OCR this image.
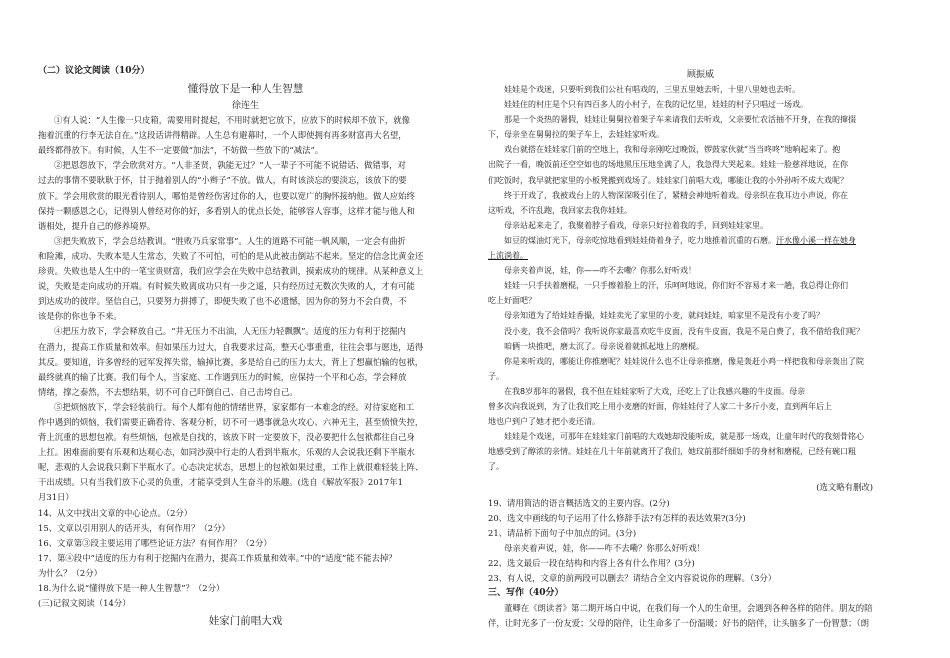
（二）议论文阅读（10分）
懂得放下是一种人生智慧
徐连生
①有人说：“人生像一只皮箱，需要用时提起，不用时就把它放下，应放下的时候却不放下，就像
拖着沉重的行李无法自在。”这段话讲得精辟。人生总有避幕时，一个人即使拥有再多财富再大名望，
最终都得放下。有时候，人生不一定要做“加法”，不妨做一些放下的“减法”。
②把恩怨放下，学会欣赏对方。“人非圣贤，孰能无过？”人一辈子不可能不说错话、做错事，对
过去的事情不要耿耿于怀，甘于抛着别人的“小辫子”不放。做人，有时该淡忘的要淡忘，该放下的要
放下。学会用欣赏的眼光看待别人，哪怕是曾经伤害过你的人，也要以宽广的胸怀接纳他。做人应始终
保持一颗感恩之心，记得别人曾经对你的好，多看别人的优点长处，能够容人容事，这样才能与他人和
谐相处，提升自己的修养境界。
③把失败放下，学会总结教训。“胜败乃兵家常事”。人生的道路不可能一帆风顺，一定会有曲折
和险滩，成功、失败本是人生常态，失败了不可怕，可怕的是从此被击倒站不起来。坚定的信念比黄金还
珍贵。失败也是人生中的一笔宝贵财富，我们应学会在失败中总结教训，摸索成功的规律。从某种意义上
说，失败是走向成功的开端。有时候失败离成功只有一步之遥，只有经历过无数次失败的人，才有可能
到达成功的彼岸。坚信自己，只要努力拼搏了，即便失败了也不必遗憾，因为你的努力不会白费，不
该是你的你也争不来。
④把压力放下，学会释放自己。“井无压力不出油，人无压力轻飘飘”。适度的压力有利于挖掘内
在潜力，提高工作质量和效率。但如果压力过大，自我要求过高，整天心事重重，往往会事与愿违，适得
其反。要知道，许多曾经的冠军发挥失常，输掉比赛，多是给自己的压力太大，背上了想赢怕输的包袱，
最终就真的输了比赛。我们每个人，当家庭、工作遇到压力的时候，应保持一个平和心态，学会释放
情绪，撑之泰然，不去想结果，切不可自己吓倒自己、自己击垮自己。
⑤把烦恼放下，学会轻装前行。每个人都有他的情绪世界，家家都有一本难念的经。对待家庭和工
作中遇到的烦恼，我们需要正确看待、客观分析，切不可一遇事就急火攻心、六神无主，甚至愤愤失控，
背上沉重的思想包袱。有些烦恼，包袱是自找的，该放下时一定要放下，没必要把什么包袱都往自己身
上扛。困难面前要有乐观和达观心态，如同沙漠中行走的人看到半瓶水，乐观的人会说我还剩下半瓶水
呢，悲观的人会说我只剩下半瓶水了。心态决定状态，思想上的包袱如果过重，工作上就很难轻装上阵、
干出成绩。只有当我们放下心灵的负重，才能享受到人生奋斗的乐趣。(选自《解放军报》2017年1
月31日）
14、从文中找出文章的中心论点。（2分）
15、文章以引用别人的话开头，有何作用？（2分）
16、文章第③段主要运用了哪些论证方法？有何作用？（2分）
17、第④段中“适度的压力有利于挖掘内在潜力，提高工作质量和效率。”中的“适度”能不能去掉？
为什么？（2分）
18.为什么说“懂得放下是一种人生智慧”？（2分）
(三)记叙文阅读（14分）
娃家门前唱大戏
顾振威
娃娃是个戏迷，只要听到我们公社有唱戏的，三里五里她去听，十里八里她也去听。
娃娃住的村庄是个只有四百多人的小村子，在我的记忆里，娃娃的村子只唱过一场戏。
那是一个炎热的暑假，娃娃让舅舅拉着架子车来请我们去听戏，父亲要忙农活抽不开身，在我的撺掇
下，母亲坐在舅舅拉的架子车上，去娃娃家听戏。
戏台就搭在娃娃家门前的空地上，我和母亲刚吃过晚饭，锣鼓家伙就“当当咚咚”地响起来了。抱
出院子一看，晚饭前还空空如也的场地黑压压地坐满了人，我急得大哭起来。娃娃一脸慈祥地说，在你
们吃饭时，我早就把家里的小板凳搬到戏场了。娃娃家门前唱大戏，哪能让我的小外孙听不成大戏呢？
终于开戏了，我被戏台上的人物深深吸引住了，紧精会神地听着戏。母亲织在我耳边小声说，你在
这听戏，不许乱跑，我回家去我你娃娃。
母亲站起来走了，我聚着脖子看戏，母亲只好拉着我的手，回到娃娃家里。
如豆的煤油灯光下，母亲吃惊地看到娃娃倚着身子，吃力地推着沉重的石磨。汗水像小溪一样在她身
上流淌着。
母亲夹着声说，娃，你——咋不去嘞？你那么好听戏！
娃娃一只手扶着磨棍，一只手擦着脸上的汗，乐呵呵地说，你们好不容易才来一趟，我总得让你们
吃上好面吧？
母亲知道为了给娃娃香撮，娃娃卖光了家里的小麦，就问娃娃，咱家里不是没有小麦了吗？
没小麦，我不会借吗？我听说你家最喜欢吃牛皮面，没有牛皮面，我是不是白费了，我不借给我们呢？
咱俩一块推吧，磨太沉了。母亲说着就抓起地上的磨棍。
你是来听戏的，哪能让你推磨呢？娃娃说什么也不让母亲推磨，像是轰赶小鸡一样把我和母亲轰出了院
子。
在我8岁那年的暑假，我不但在娃娃家听了大戏，还吃上了让我感兴趣的牛皮面。母亲
曾多次向我说到，为了让我们吃上用小麦磨的好面，你娃娃付了人家二十多斤小麦，直到两年后上
地也户到户了她才把小麦还清。
娃娃是个戏迷，可那年在娃娃家门前唱的大戏她却没能听成，就是那一场戏，让童年时代的我刻骨铭心
地感受到了醇浓的亲情。娃娃在几十年前就离开了我们，她玟前那纤细如手的身材和磨棍，已经有碗口粗
了。
(选文略有删改)
19、请用简洁的语言概括选文的主要内容。(2分)
20、选文中画线的句子运用了什么修辞手法?有怎样的表达效果?(3分)
21、请品析下面句子中加点的词。(3分)
母亲夹着声说，娃，你——咋不去嘞？你那么好听戏！
22、选文最后一段在结构和内容上各有什么作用？(3分)
23、有人说，文章的前两段可以删去？请结合全文内容说说你的理解。（3分）
三、写作（40分）
董卿在《朗读者》第二期开场白中说，在我们每一个人的生命里，会遇到各种各样的陪伴。朋友的陪
伴，让时光多了一份友爱；父母的陪伴，让生命多了一份温暖；好书的陪伴，让头脑多了一份智慧；（朗
